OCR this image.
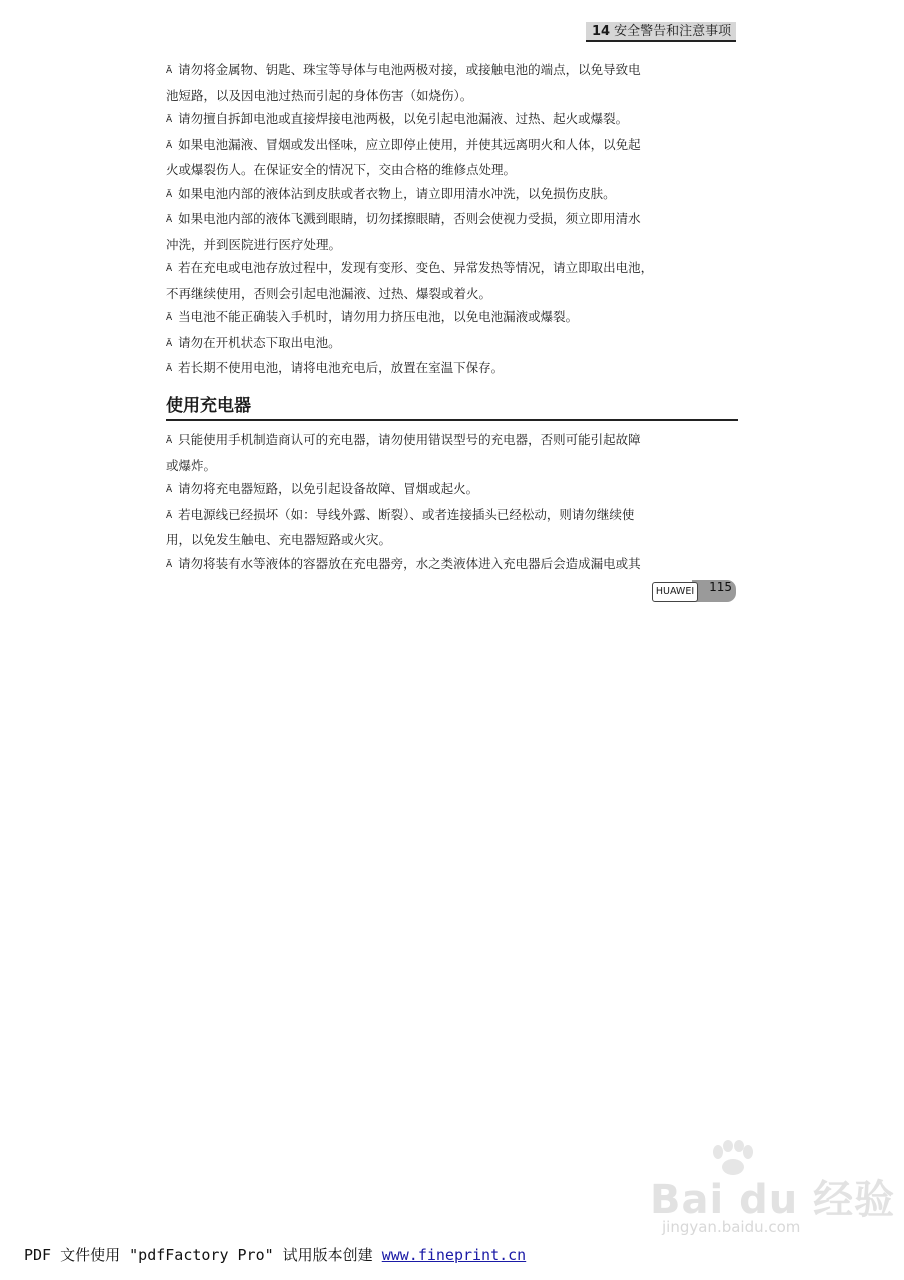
14 安全警告和注意事项

Ä 请勿将金属物、钥匙、珠宝等导体与电池两极对接，或接触电池的端点，以免导致电

池短路，以及因电池过热而引起的身体伤害（如烧伤）。

Ä 请勿擅自拆卸电池或直接焊接电池两极，以免引起电池漏液、过热、起火或爆裂。

Ä 如果电池漏液、冒烟或发出怪味，应立即停止使用，并使其远离明火和人体，以免起

火或爆裂伤人。在保证安全的情况下，交由合格的维修点处理。

Ä 如果电池内部的液体沾到皮肤或者衣物上，请立即用清水冲洗，以免损伤皮肤。

Ä 如果电池内部的液体飞溅到眼睛，切勿揉擦眼睛，否则会使视力受损，须立即用清水

冲洗，并到医院进行医疗处理。

Ä 若在充电或电池存放过程中，发现有变形、变色、异常发热等情况，请立即取出电池，

不再继续使用，否则会引起电池漏液、过热、爆裂或着火。

Ä 当电池不能正确装入手机时，请勿用力挤压电池，以免电池漏液或爆裂。

Ä 请勿在开机状态下取出电池。

Ä 若长期不使用电池，请将电池充电后，放置在室温下保存。

使用充电器

Ä 只能使用手机制造商认可的充电器，请勿使用错误型号的充电器，否则可能引起故障

或爆炸。

Ä 请勿将充电器短路，以免引起设备故障、冒烟或起火。

Ä 若电源线已经损坏（如：导线外露、断裂）、或者连接插头已经松动，则请勿继续使

用，以免发生触电、充电器短路或火灾。

Ä 请勿将装有水等液体的容器放在充电器旁，水之类液体进入充电器后会造成漏电或其

115
HUAWEI
Bai du 经验
jingyan.baidu.com
PDF 文件使用 "pdfFactory Pro" 试用版本创建 www.fineprint.cn
